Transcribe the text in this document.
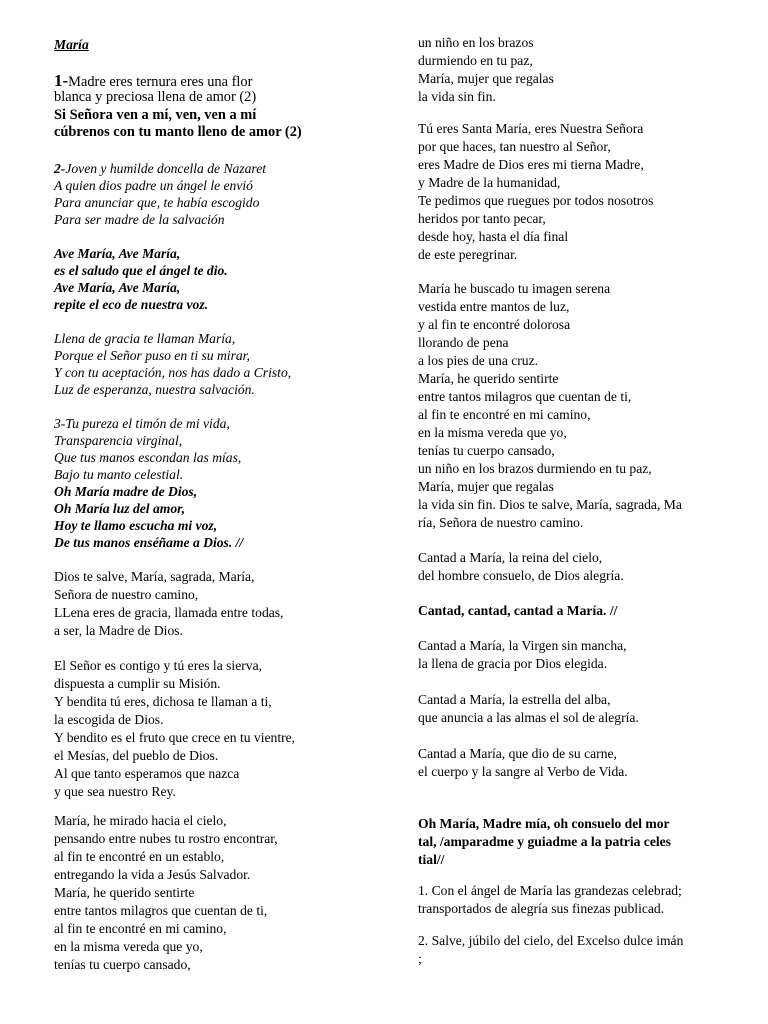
María
1-Madre eres ternura eres una flor
blanca y preciosa llena de amor (2)
Si Señora ven a mí, ven, ven a mí
cúbrenos con tu manto lleno de amor (2)
2-Joven y humilde doncella de Nazaret
A quien dios padre un ángel le envió
Para anunciar que, te había escogido
Para ser madre de la salvación
Ave María, Ave María,
es el saludo que el ángel te dio.
Ave María, Ave María,
repite el eco de nuestra voz.
Llena de gracia te llaman María,
Porque el Señor puso en ti su mirar,
Y con tu aceptación, nos has dado a Cristo,
Luz de esperanza, nuestra salvación.
3-Tu pureza el timón de mi vida,
Transparencia virginal,
Que tus manos escondan las mías,
Bajo tu manto celestial.
Oh María madre de Dios,
Oh María luz del amor,
Hoy te llamo escucha mi voz,
De tus manos enséñame a Dios. //
Dios te salve, María, sagrada, María,
Señora de nuestro camino,
LLena eres de gracia, llamada entre todas,
a ser, la Madre de Dios.
El Señor es contigo y tú eres la sierva,
dispuesta a cumplir su Misión.
Y bendita tú eres, dichosa te llaman a ti,
la escogida de Dios.
Y bendito es el fruto que crece en tu vientre,
el Mesías, del pueblo de Dios.
Al que tanto esperamos que nazca
y que sea nuestro Rey.
María, he mirado hacia el cielo,
pensando entre nubes tu rostro encontrar,
al fin te encontré en un establo,
entregando la vida a Jesús Salvador.
María, he querido sentirte
entre tantos milagros que cuentan de ti,
al fin te encontré en mi camino,
en la misma vereda que yo,
tenías tu cuerpo cansado,
un niño en los brazos
durmiendo en tu paz,
María, mujer que regalas
la vida sin fin.
Tú eres Santa María, eres Nuestra Señora
por que haces, tan nuestro al Señor,
eres Madre de Dios eres mi tierna Madre,
y Madre de la humanidad,
Te pedimos que ruegues por todos nosotros
heridos por tanto pecar,
desde hoy, hasta el día final
de este peregrinar.
María he buscado tu imagen serena
vestida entre mantos de luz,
y al fin te encontré dolorosa
llorando de pena
a los pies de una cruz.
María, he querido sentirte
entre tantos milagros que cuentan de ti,
al fin te encontré en mi camino,
en la misma vereda que yo,
tenías tu cuerpo cansado,
un niño en los brazos durmiendo en tu paz,
María, mujer que regalas
la vida sin fin. Dios te salve, María, sagrada, Ma
ría, Señora de nuestro camino.
Cantad a María, la reina del cielo,
del hombre consuelo, de Dios alegría.
Cantad, cantad, cantad a María. //
Cantad a María, la Virgen sin mancha,
la llena de gracia por Dios elegida.
Cantad a María, la estrella del alba,
que anuncia a las almas el sol de alegría.
Cantad a María, que dio de su carne,
el cuerpo y la sangre al Verbo de Vida.
Oh María, Madre mía, oh consuelo del mor
tal, /amparadme y guiadme a la patria celes
tial//
1. Con el ángel de María las grandezas celebrad;
transportados de alegría sus finezas publicad.
2. Salve, júbilo del cielo, del Excelso dulce imán
;
